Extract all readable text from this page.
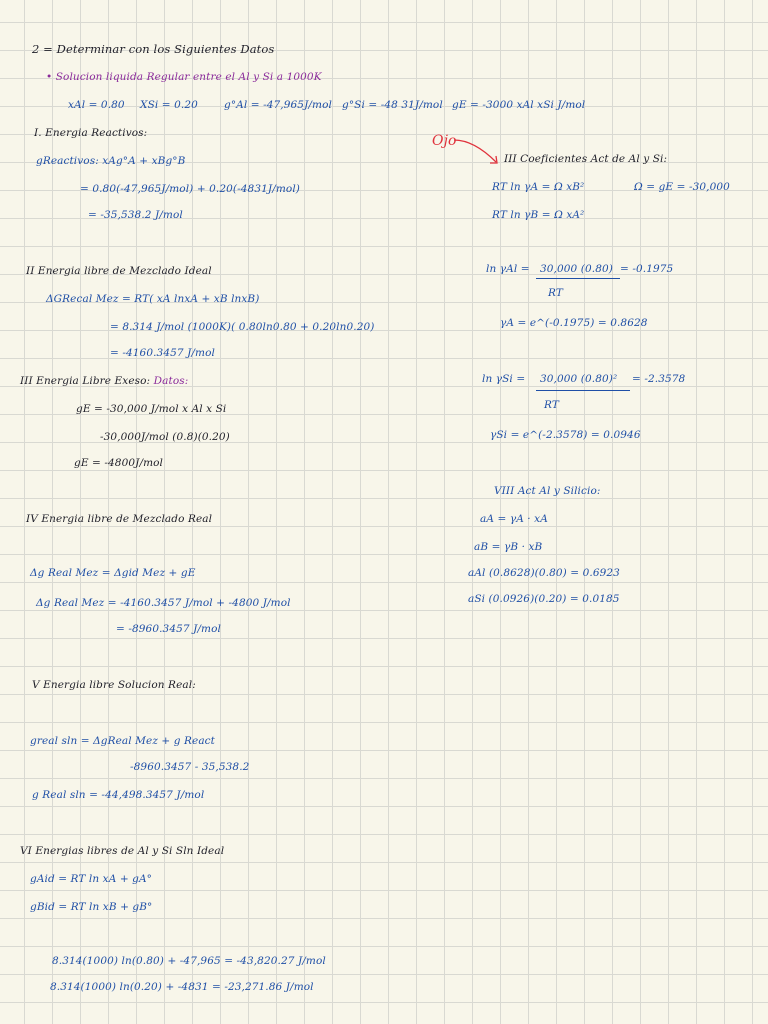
2 = Determinar con los Siguientes Datos
• Solucion liquida Regular entre el Al y Si a 1000K
xAl = 0.80 XSi = 0.20 g°Al = -47,965J/mol g°Si = -48 31J/mol gE = -3000 xAl xSi J/mol
I. Energia Reactivos:
gReactivos: xAg°A + xBg°B
= 0.80(-47,965J/mol) + 0.20(-4831J/mol)
= -35,538.2 J/mol
II Energia libre de Mezclado Ideal
ΔGRecal Mez = RT( xA lnxA + xB lnxB)
= 8.314 J/mol (1000K)( 0.80ln0.80 + 0.20ln0.20)
= -4160.3457 J/mol
III Energia Libre Exeso: Datos:
gE = -30,000 J/mol x Al x Si
-30,000J/mol (0.8)(0.20)
gE = -4800J/mol
IV Energia libre de Mezclado Real
Δg Real Mez = Δgid Mez + gE
Δg Real Mez = -4160.3457 J/mol + -4800 J/mol
= -8960.3457 J/mol
V Energia libre Solucion Real:
greal sln = ΔgReal Mez + g React
-8960.3457 - 35,538.2
g Real sln = -44,498.3457 J/mol
VI Energias libres de Al y Si Sln Ideal
gAid = RT ln xA + gA°
gBid = RT ln xB + gB°
8.314(1000) ln(0.80) + -47,965 = -43,820.27 J/mol
8.314(1000) ln(0.20) + -4831 = -23,271.86 J/mol
Ojo
III Coeficientes Act de Al y Si:
RT ln γA = Ω xB²	Ω = gE = -30,000
RT ln γB = Ω xA²
ln γAl = 30,000 (0.80) = -0.1975
RT
γA = e^(-0.1975) = 0.8628
ln γSi = 30,000 (0.80)² = -2.3578
RT
γSi = e^(-2.3578) = 0.0946
VIII Act Al y Silicio:
aA = γA · xA
aB = γB · xB
aAl (0.8628)(0.80) = 0.6923
aSi (0.0926)(0.20) = 0.0185
